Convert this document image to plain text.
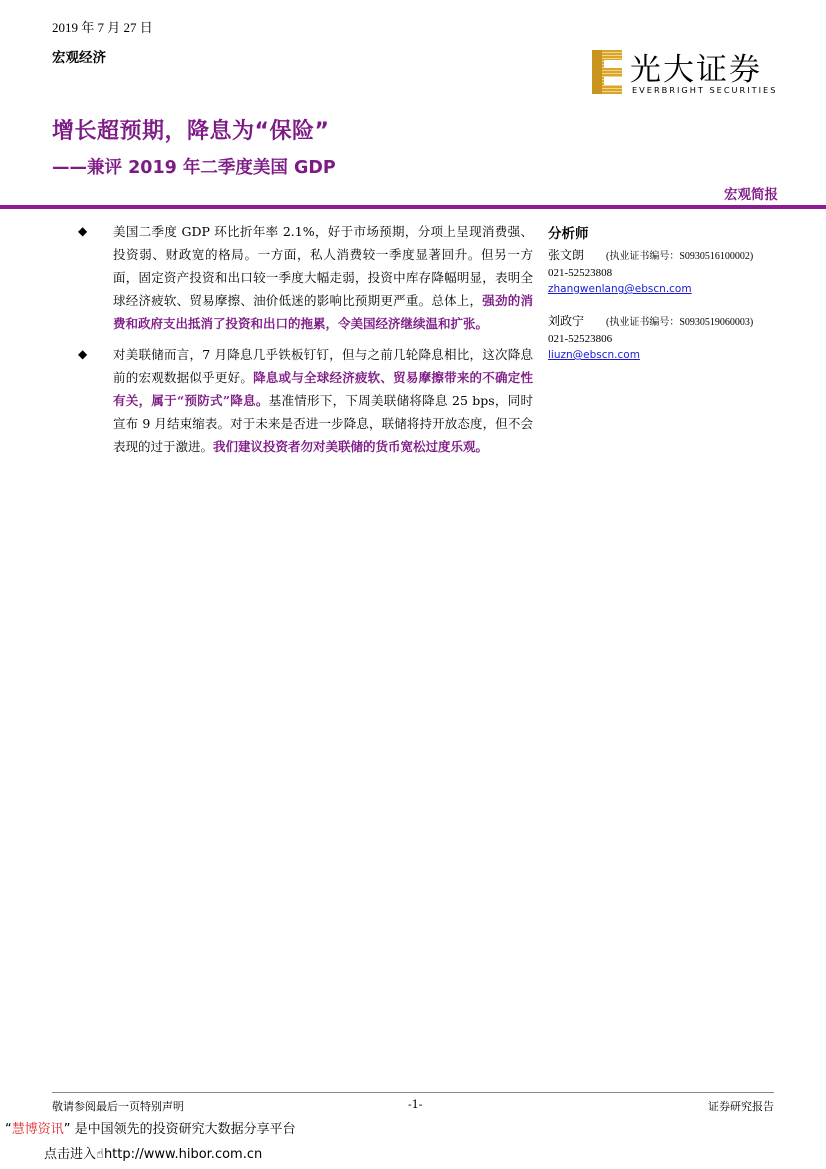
2019 年 7 月 27 日
宏观经济	光大证券
EVERBRIGHT SECURITIES
增长超预期，降息为“保险”
——兼评 2019 年二季度美国 GDP
宏观简报
◆	美国二季度 GDP 环比折年率 2.1%，好于市场预期，分项上呈现消费强、投资弱、财政宽的格局。一方面，私人消费较一季度显著回升。但另一方面，固定资产投资和出口较一季度大幅走弱，投资中库存降幅明显，表明全球经济疲软、贸易摩擦、油价低迷的影响比预期更严重。总体上，强劲的消费和政府支出抵消了投资和出口的拖累，令美国经济继续温和扩张。
◆	对美联储而言，7 月降息几乎铁板钉钉，但与之前几轮降息相比，这次降息前的宏观数据似乎更好。降息或与全球经济疲软、贸易摩擦带来的不确定性有关，属于“预防式”降息。基准情形下，下周美联储将降息 25 bps，同时宣布 9 月结束缩表。对于未来是否进一步降息，联储将持开放态度，但不会表现的过于激进。我们建议投资者勿对美联储的货币宽松过度乐观。
分析师
张文朗 (执业证书编号：S0930516100002)
021-52523808
zhangwenlang@ebscn.com
刘政宁 (执业证书编号：S0930519060003)
021-52523806
liuzn@ebscn.com
敬请参阅最后一页特别声明	-1-	证券研究报告
“慧博资讯” 是中国领先的投资研究大数据分享平台
点击进入☝http://www.hibor.com.cn
